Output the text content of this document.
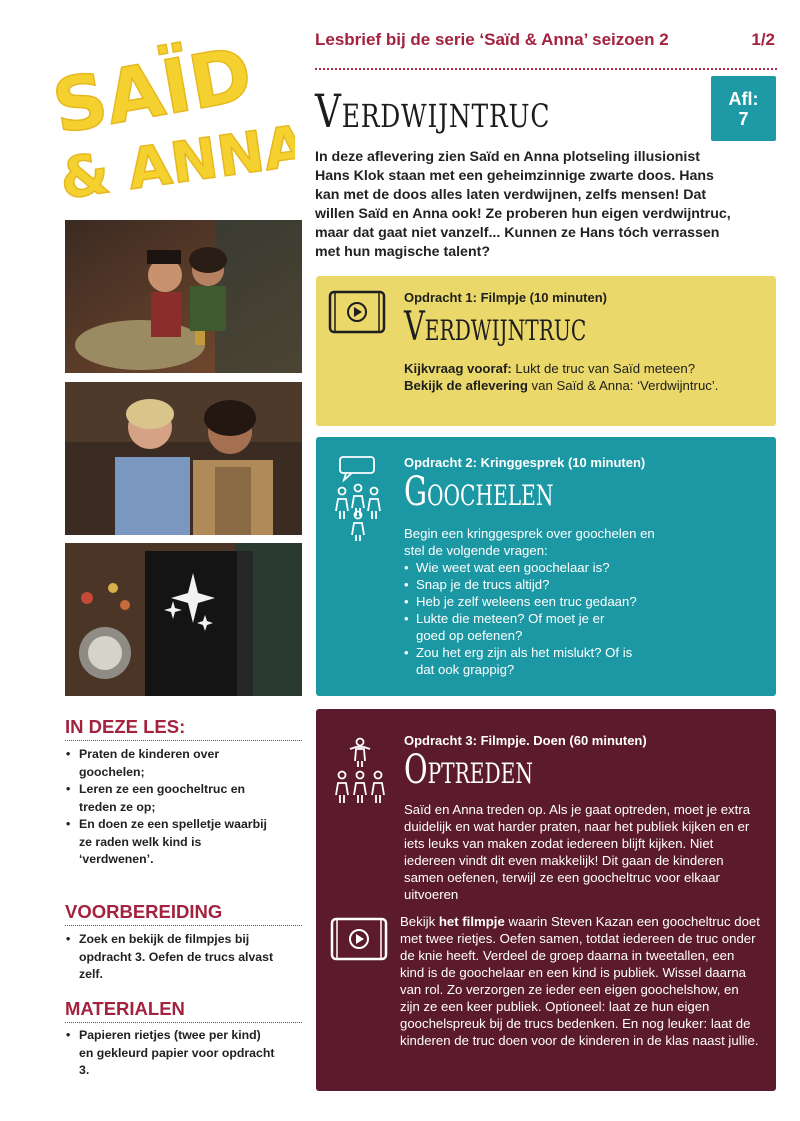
Lesbrief bij de serie ‘Saïd & Anna’ seizoen 2	1/2
SAÏD
& ANNA
Afl:
7
Verdwijntruc
In deze aflevering zien Saïd en Anna plotseling illusionist Hans Klok staan met een geheimzinnige zwarte doos. Hans kan met de doos alles laten verdwijnen, zelfs mensen! Dat willen Saïd en Anna ook! Ze proberen hun eigen verdwijntruc, maar dat gaat niet vanzelf... Kunnen ze Hans tóch verrassen met hun magische talent?
IN DEZE LES:
• Praten de kinderen over goochelen;
• Leren ze een goocheltruc en treden ze op;
• En doen ze een spelletje waarbij ze raden welk kind is ‘verdwenen’.
VOORBEREIDING
• Zoek en bekijk de filmpjes bij opdracht 3. Oefen de trucs alvast zelf.
MATERIALEN
• Papieren rietjes (twee per kind) en gekleurd papier voor opdracht 3.
Opdracht 1: Filmpje (10 minuten)
Verdwijntruc
Kijkvraag vooraf: Lukt de truc van Saïd meteen?
Bekijk de aflevering van Saïd & Anna: ‘Verdwijntruc’.
Opdracht 2: Kringgesprek (10 minuten)
Goochelen
Begin een kringgesprek over goochelen en stel de volgende vragen:
• Wie weet wat een goochelaar is?
• Snap je de trucs altijd?
• Heb je zelf weleens een truc gedaan?
• Lukte die meteen? Of moet je er goed op oefenen?
• Zou het erg zijn als het mislukt? Of is dat ook grappig?
Opdracht 3: Filmpje. Doen (60 minuten)
Optreden
Saïd en Anna treden op. Als je gaat optreden, moet je extra duidelijk en wat harder praten, naar het publiek kijken en er iets leuks van maken zodat iedereen blijft kijken. Niet iedereen vindt dit even makkelijk! Dit gaan de kinderen samen oefenen, terwijl ze een goocheltruc voor elkaar uitvoeren
Bekijk het filmpje waarin Steven Kazan een goocheltruc doet met twee rietjes. Oefen samen, totdat iedereen de truc onder de knie heeft. Verdeel de groep daarna in tweetallen, een kind is de goochelaar en een kind is publiek. Wissel daarna van rol. Zo verzorgen ze ieder een eigen goochelshow, en zijn ze een keer publiek. Optioneel: laat ze hun eigen goochelspreuk bij de trucs bedenken. En nog leuker: laat de kinderen de truc doen voor de kinderen in de klas naast jullie.
